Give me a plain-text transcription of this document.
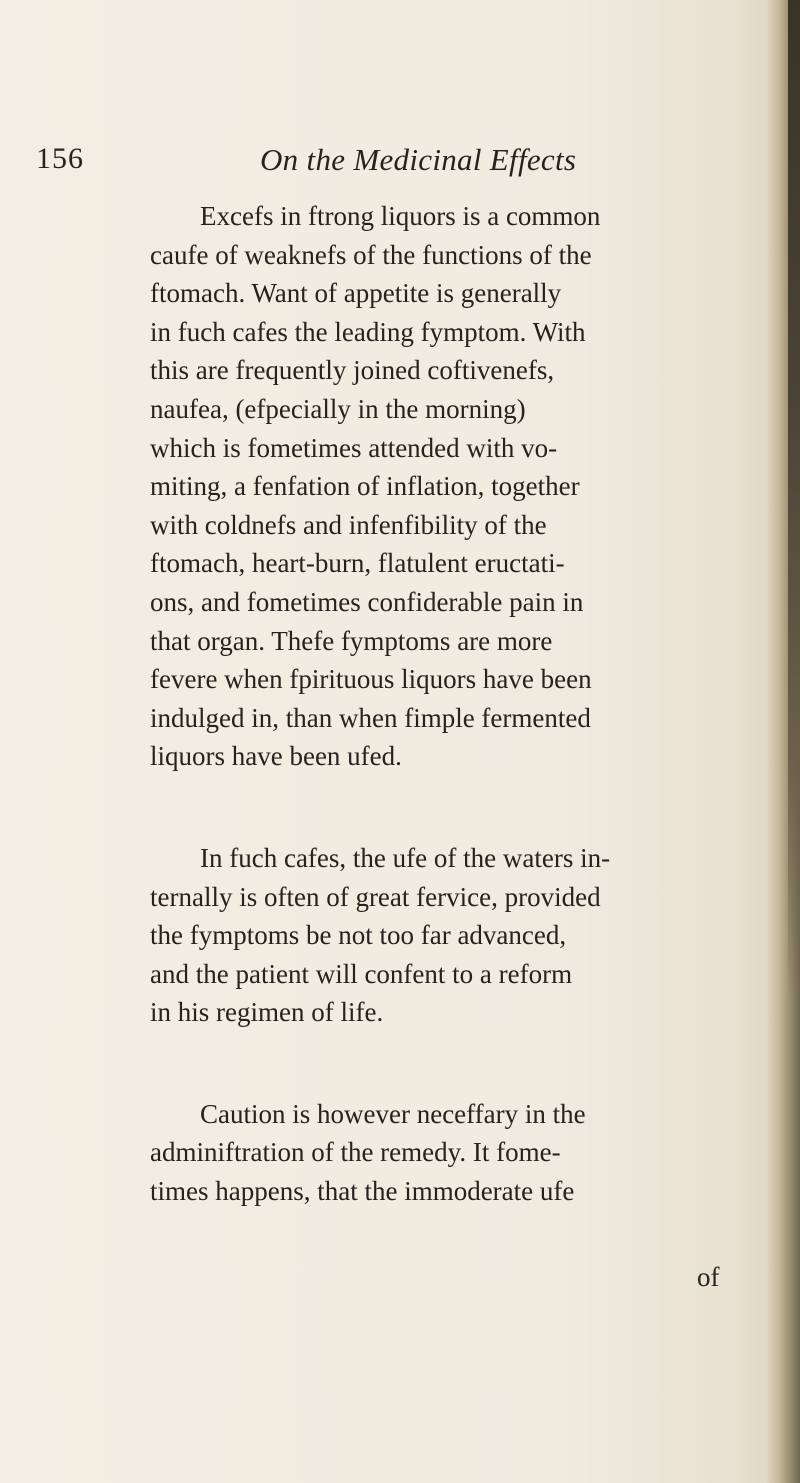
156	On the Medicinal Effects

Excefs in ftrong liquors is a common
caufe of weaknefs of the functions of the
ftomach. Want of appetite is generally
in fuch cafes the leading fymptom. With
this are frequently joined coftivenefs,
naufea, (efpecially in the morning)
which is fometimes attended with vo-
miting, a fenfation of inflation, together
with coldnefs and infenfibility of the
ftomach, heart-burn, flatulent eructati-
ons, and fometimes confiderable pain in
that organ. Thefe fymptoms are more
fevere when fpirituous liquors have been
indulged in, than when fimple fermented
liquors have been ufed.

In fuch cafes, the ufe of the waters in-
ternally is often of great fervice, provided
the fymptoms be not too far advanced,
and the patient will confent to a reform
in his regimen of life.

Caution is however neceffary in the
adminiftration of the remedy. It fome-
times happens, that the immoderate ufe

of
